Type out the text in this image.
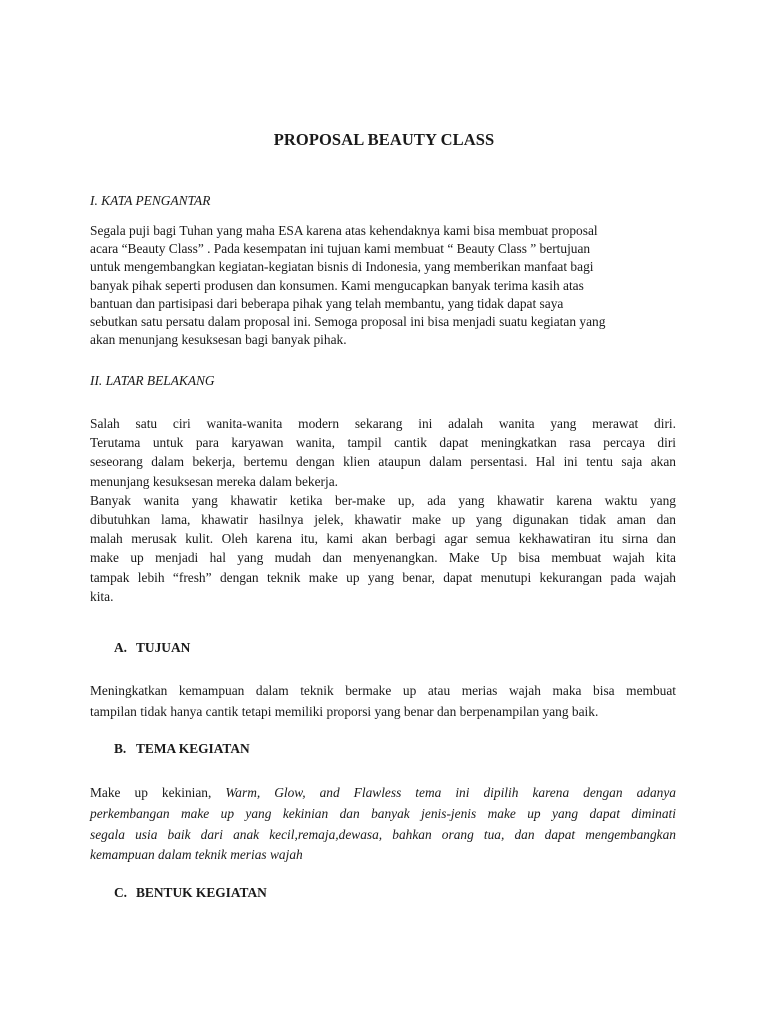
PROPOSAL BEAUTY CLASS
I. KATA PENGANTAR
Segala puji bagi Tuhan yang maha ESA karena atas kehendaknya kami bisa membuat proposal
acara “Beauty Class” . Pada kesempatan ini tujuan kami membuat “ Beauty Class ” bertujuan
untuk mengembangkan kegiatan-kegiatan bisnis di Indonesia, yang memberikan manfaat bagi
banyak pihak seperti produsen dan konsumen. Kami mengucapkan banyak terima kasih atas
bantuan dan partisipasi dari beberapa pihak yang telah membantu, yang tidak dapat saya
sebutkan satu persatu dalam proposal ini. Semoga proposal ini bisa menjadi suatu kegiatan yang
akan menunjang kesuksesan bagi banyak pihak.
II. LATAR BELAKANG
Salah satu ciri wanita-wanita modern sekarang ini adalah wanita yang merawat diri.
Terutama untuk para karyawan wanita, tampil cantik dapat meningkatkan rasa percaya diri
seseorang dalam bekerja, bertemu dengan klien ataupun dalam persentasi. Hal ini tentu saja akan
menunjang kesuksesan mereka dalam bekerja.
Banyak wanita yang khawatir ketika ber-make up, ada yang khawatir karena waktu yang
dibutuhkan lama, khawatir hasilnya jelek, khawatir make up yang digunakan tidak aman dan
malah merusak kulit. Oleh karena itu, kami akan berbagi agar semua kekhawatiran itu sirna dan
make up menjadi hal yang mudah dan menyenangkan. Make Up bisa membuat wajah kita
tampak lebih “fresh” dengan teknik make up yang benar, dapat menutupi kekurangan pada wajah
kita.
A. TUJUAN
Meningkatkan kemampuan dalam teknik bermake up atau merias wajah maka bisa membuat
tampilan tidak hanya cantik tetapi memiliki proporsi yang benar dan berpenampilan yang baik.
B. TEMA KEGIATAN
Make up kekinian, Warm, Glow, and Flawless tema ini dipilih karena dengan adanya
perkembangan make up yang kekinian dan banyak jenis-jenis make up yang dapat diminati
segala usia baik dari anak kecil,remaja,dewasa, bahkan orang tua, dan dapat mengembangkan
kemampuan dalam teknik merias wajah
C. BENTUK KEGIATAN
